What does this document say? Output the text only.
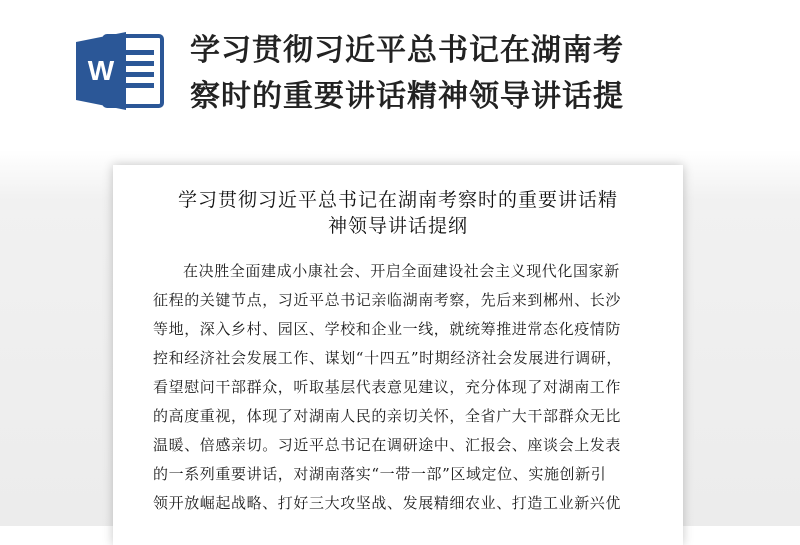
W
学习贯彻习近平总书记在湖南考
察时的重要讲话精神领导讲话提
学习贯彻习近平总书记在湖南考察时的重要讲话精
神领导讲话提纲
在决胜全面建成小康社会、开启全面建设社会主义现代化国家新
征程的关键节点，习近平总书记亲临湖南考察，先后来到郴州、长沙
等地，深入乡村、园区、学校和企业一线，就统筹推进常态化疫情防
控和经济社会发展工作、谋划“十四五”时期经济社会发展进行调研，
看望慰问干部群众，听取基层代表意见建议，充分体现了对湖南工作
的高度重视，体现了对湖南人民的亲切关怀，全省广大干部群众无比
温暖、倍感亲切。习近平总书记在调研途中、汇报会、座谈会上发表
的一系列重要讲话，对湖南落实“一带一部”区域定位、实施创新引
领开放崛起战略、打好三大攻坚战、发展精细农业、打造工业新兴优
